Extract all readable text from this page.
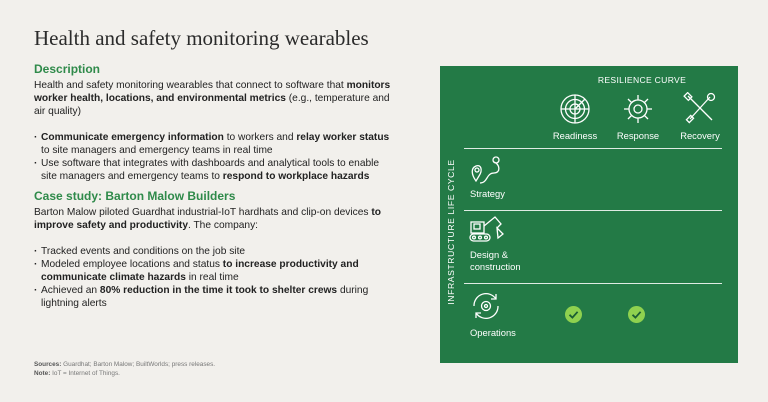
Health and safety monitoring wearables
Description

Health and safety monitoring wearables that connect to software that monitors worker health, locations, and environmental metrics (e.g., temperature and air quality)

· Communicate emergency information to workers and relay worker status to site managers and emergency teams in real time
· Use software that integrates with dashboards and analytical tools to enable site managers and emergency teams to respond to workplace hazards
Case study: Barton Malow Builders

Barton Malow piloted Guardhat industrial-IoT hardhats and clip-on devices to improve safety and productivity. The company:

· Tracked events and conditions on the job site
· Modeled employee locations and status to increase productivity and communicate climate hazards in real time
· Achieved an 80% reduction in the time it took to shelter crews during lightning alerts
Sources: Guardhat; Barton Malow; BuiltWorlds; press releases.
Note: IoT = Internet of Things.
INFRASTRUCTURE LIFE CYCLE
RESILIENCE CURVE
Readiness	Response	Recovery
Strategy
Design &
construction
Operations
